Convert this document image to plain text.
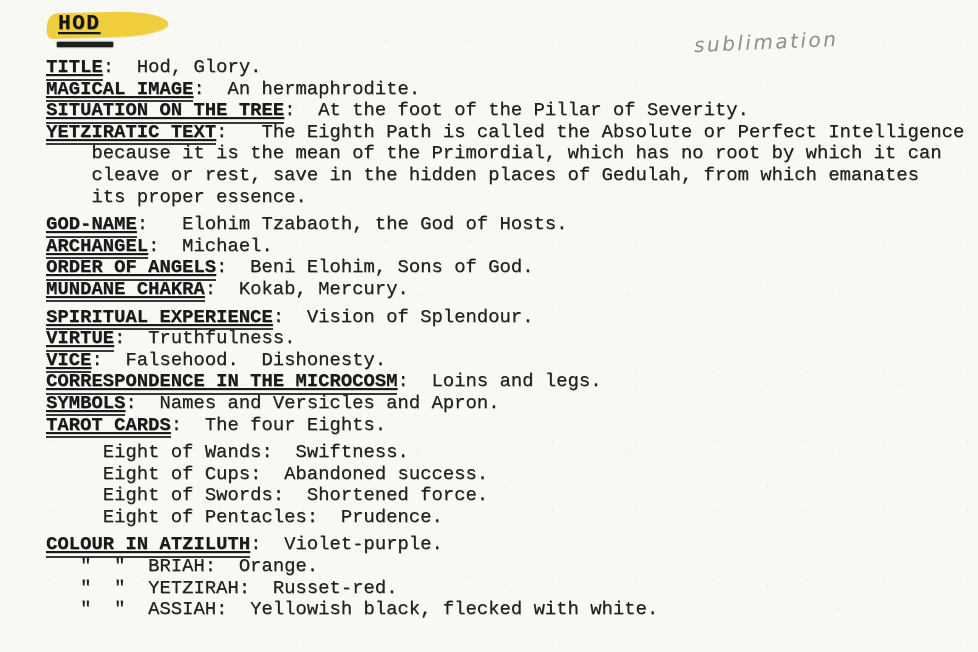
HOD
sublimation
TITLE:  Hod, Glory.
MAGICAL IMAGE:  An hermaphrodite.
SITUATION ON THE TREE:  At the foot of the Pillar of Severity.
YETZIRATIC TEXT:   The Eighth Path is called the Absolute or Perfect Intelligence
because it is the mean of the Primordial, which has no root by which it can
cleave or rest, save in the hidden places of Gedulah, from which emanates
its proper essence.
GOD-NAME:   Elohim Tzabaoth, the God of Hosts.
ARCHANGEL:  Michael.
ORDER OF ANGELS:  Beni Elohim, Sons of God.
MUNDANE CHAKRA:  Kokab, Mercury.
SPIRITUAL EXPERIENCE:  Vision of Splendour.
VIRTUE:  Truthfulness.
VICE:  Falsehood.  Dishonesty.
CORRESPONDENCE IN THE MICROCOSM:  Loins and legs.
SYMBOLS:  Names and Versicles and Apron.
TAROT CARDS:  The four Eights.
Eight of Wands:  Swiftness.
Eight of Cups:  Abandoned success.
Eight of Swords:  Shortened force.
Eight of Pentacles:  Prudence.
COLOUR IN ATZILUTH:  Violet-purple.
"  "  BRIAH:  Orange.
"  "  YETZIRAH:  Russet-red.
"  "  ASSIAH:  Yellowish black, flecked with white.
